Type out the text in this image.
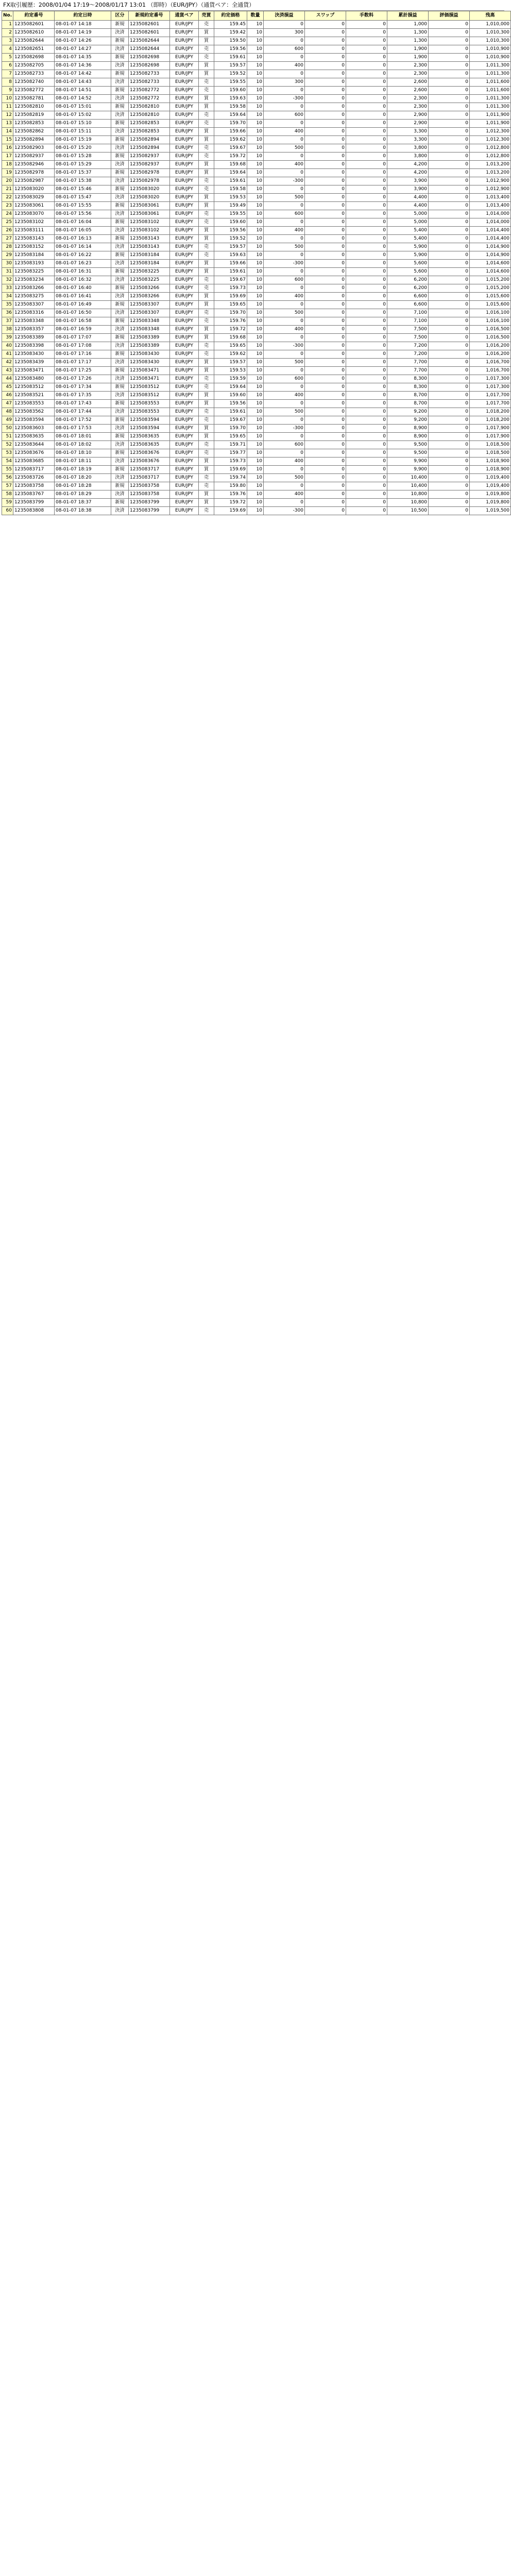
FX取引履歴：2008/01/04 17:19～2008/01/17 13:01 （即時）（EUR/JPY）（通貨ペア：全通貨）
No.	約定番号	約定日時	区分	新規約定番号	通貨ペア	売買	約定価格	数量	決済損益	スワップ	手数料	累計損益	評価損益	残高
1	1235082601	08-01-07 14:18	新規	1235082601	EUR/JPY	売	159.45	10	0	0	0	1,000	0	1,010,000
2	1235082610	08-01-07 14:19	決済	1235082601	EUR/JPY	買	159.42	10	300	0	0	1,300	0	1,010,300
3	1235082644	08-01-07 14:26	新規	1235082644	EUR/JPY	買	159.50	10	0	0	0	1,300	0	1,010,300
4	1235082651	08-01-07 14:27	決済	1235082644	EUR/JPY	売	159.56	10	600	0	0	1,900	0	1,010,900
5	1235082698	08-01-07 14:35	新規	1235082698	EUR/JPY	売	159.61	10	0	0	0	1,900	0	1,010,900
6	1235082705	08-01-07 14:36	決済	1235082698	EUR/JPY	買	159.57	10	400	0	0	2,300	0	1,011,300
7	1235082733	08-01-07 14:42	新規	1235082733	EUR/JPY	買	159.52	10	0	0	0	2,300	0	1,011,300
8	1235082740	08-01-07 14:43	決済	1235082733	EUR/JPY	売	159.55	10	300	0	0	2,600	0	1,011,600
9	1235082772	08-01-07 14:51	新規	1235082772	EUR/JPY	売	159.60	10	0	0	0	2,600	0	1,011,600
10	1235082781	08-01-07 14:52	決済	1235082772	EUR/JPY	買	159.63	10	-300	0	0	2,300	0	1,011,300
11	1235082810	08-01-07 15:01	新規	1235082810	EUR/JPY	買	159.58	10	0	0	0	2,300	0	1,011,300
12	1235082819	08-01-07 15:02	決済	1235082810	EUR/JPY	売	159.64	10	600	0	0	2,900	0	1,011,900
13	1235082853	08-01-07 15:10	新規	1235082853	EUR/JPY	売	159.70	10	0	0	0	2,900	0	1,011,900
14	1235082862	08-01-07 15:11	決済	1235082853	EUR/JPY	買	159.66	10	400	0	0	3,300	0	1,012,300
15	1235082894	08-01-07 15:19	新規	1235082894	EUR/JPY	買	159.62	10	0	0	0	3,300	0	1,012,300
16	1235082903	08-01-07 15:20	決済	1235082894	EUR/JPY	売	159.67	10	500	0	0	3,800	0	1,012,800
17	1235082937	08-01-07 15:28	新規	1235082937	EUR/JPY	売	159.72	10	0	0	0	3,800	0	1,012,800
18	1235082946	08-01-07 15:29	決済	1235082937	EUR/JPY	買	159.68	10	400	0	0	4,200	0	1,013,200
19	1235082978	08-01-07 15:37	新規	1235082978	EUR/JPY	買	159.64	10	0	0	0	4,200	0	1,013,200
20	1235082987	08-01-07 15:38	決済	1235082978	EUR/JPY	売	159.61	10	-300	0	0	3,900	0	1,012,900
21	1235083020	08-01-07 15:46	新規	1235083020	EUR/JPY	売	159.58	10	0	0	0	3,900	0	1,012,900
22	1235083029	08-01-07 15:47	決済	1235083020	EUR/JPY	買	159.53	10	500	0	0	4,400	0	1,013,400
23	1235083061	08-01-07 15:55	新規	1235083061	EUR/JPY	買	159.49	10	0	0	0	4,400	0	1,013,400
24	1235083070	08-01-07 15:56	決済	1235083061	EUR/JPY	売	159.55	10	600	0	0	5,000	0	1,014,000
25	1235083102	08-01-07 16:04	新規	1235083102	EUR/JPY	売	159.60	10	0	0	0	5,000	0	1,014,000
26	1235083111	08-01-07 16:05	決済	1235083102	EUR/JPY	買	159.56	10	400	0	0	5,400	0	1,014,400
27	1235083143	08-01-07 16:13	新規	1235083143	EUR/JPY	買	159.52	10	0	0	0	5,400	0	1,014,400
28	1235083152	08-01-07 16:14	決済	1235083143	EUR/JPY	売	159.57	10	500	0	0	5,900	0	1,014,900
29	1235083184	08-01-07 16:22	新規	1235083184	EUR/JPY	売	159.63	10	0	0	0	5,900	0	1,014,900
30	1235083193	08-01-07 16:23	決済	1235083184	EUR/JPY	買	159.66	10	-300	0	0	5,600	0	1,014,600
31	1235083225	08-01-07 16:31	新規	1235083225	EUR/JPY	買	159.61	10	0	0	0	5,600	0	1,014,600
32	1235083234	08-01-07 16:32	決済	1235083225	EUR/JPY	売	159.67	10	600	0	0	6,200	0	1,015,200
33	1235083266	08-01-07 16:40	新規	1235083266	EUR/JPY	売	159.73	10	0	0	0	6,200	0	1,015,200
34	1235083275	08-01-07 16:41	決済	1235083266	EUR/JPY	買	159.69	10	400	0	0	6,600	0	1,015,600
35	1235083307	08-01-07 16:49	新規	1235083307	EUR/JPY	買	159.65	10	0	0	0	6,600	0	1,015,600
36	1235083316	08-01-07 16:50	決済	1235083307	EUR/JPY	売	159.70	10	500	0	0	7,100	0	1,016,100
37	1235083348	08-01-07 16:58	新規	1235083348	EUR/JPY	売	159.76	10	0	0	0	7,100	0	1,016,100
38	1235083357	08-01-07 16:59	決済	1235083348	EUR/JPY	買	159.72	10	400	0	0	7,500	0	1,016,500
39	1235083389	08-01-07 17:07	新規	1235083389	EUR/JPY	買	159.68	10	0	0	0	7,500	0	1,016,500
40	1235083398	08-01-07 17:08	決済	1235083389	EUR/JPY	売	159.65	10	-300	0	0	7,200	0	1,016,200
41	1235083430	08-01-07 17:16	新規	1235083430	EUR/JPY	売	159.62	10	0	0	0	7,200	0	1,016,200
42	1235083439	08-01-07 17:17	決済	1235083430	EUR/JPY	買	159.57	10	500	0	0	7,700	0	1,016,700
43	1235083471	08-01-07 17:25	新規	1235083471	EUR/JPY	買	159.53	10	0	0	0	7,700	0	1,016,700
44	1235083480	08-01-07 17:26	決済	1235083471	EUR/JPY	売	159.59	10	600	0	0	8,300	0	1,017,300
45	1235083512	08-01-07 17:34	新規	1235083512	EUR/JPY	売	159.64	10	0	0	0	8,300	0	1,017,300
46	1235083521	08-01-07 17:35	決済	1235083512	EUR/JPY	買	159.60	10	400	0	0	8,700	0	1,017,700
47	1235083553	08-01-07 17:43	新規	1235083553	EUR/JPY	買	159.56	10	0	0	0	8,700	0	1,017,700
48	1235083562	08-01-07 17:44	決済	1235083553	EUR/JPY	売	159.61	10	500	0	0	9,200	0	1,018,200
49	1235083594	08-01-07 17:52	新規	1235083594	EUR/JPY	売	159.67	10	0	0	0	9,200	0	1,018,200
50	1235083603	08-01-07 17:53	決済	1235083594	EUR/JPY	買	159.70	10	-300	0	0	8,900	0	1,017,900
51	1235083635	08-01-07 18:01	新規	1235083635	EUR/JPY	買	159.65	10	0	0	0	8,900	0	1,017,900
52	1235083644	08-01-07 18:02	決済	1235083635	EUR/JPY	売	159.71	10	600	0	0	9,500	0	1,018,500
53	1235083676	08-01-07 18:10	新規	1235083676	EUR/JPY	売	159.77	10	0	0	0	9,500	0	1,018,500
54	1235083685	08-01-07 18:11	決済	1235083676	EUR/JPY	買	159.73	10	400	0	0	9,900	0	1,018,900
55	1235083717	08-01-07 18:19	新規	1235083717	EUR/JPY	買	159.69	10	0	0	0	9,900	0	1,018,900
56	1235083726	08-01-07 18:20	決済	1235083717	EUR/JPY	売	159.74	10	500	0	0	10,400	0	1,019,400
57	1235083758	08-01-07 18:28	新規	1235083758	EUR/JPY	売	159.80	10	0	0	0	10,400	0	1,019,400
58	1235083767	08-01-07 18:29	決済	1235083758	EUR/JPY	買	159.76	10	400	0	0	10,800	0	1,019,800
59	1235083799	08-01-07 18:37	新規	1235083799	EUR/JPY	買	159.72	10	0	0	0	10,800	0	1,019,800
60	1235083808	08-01-07 18:38	決済	1235083799	EUR/JPY	売	159.69	10	-300	0	0	10,500	0	1,019,500
